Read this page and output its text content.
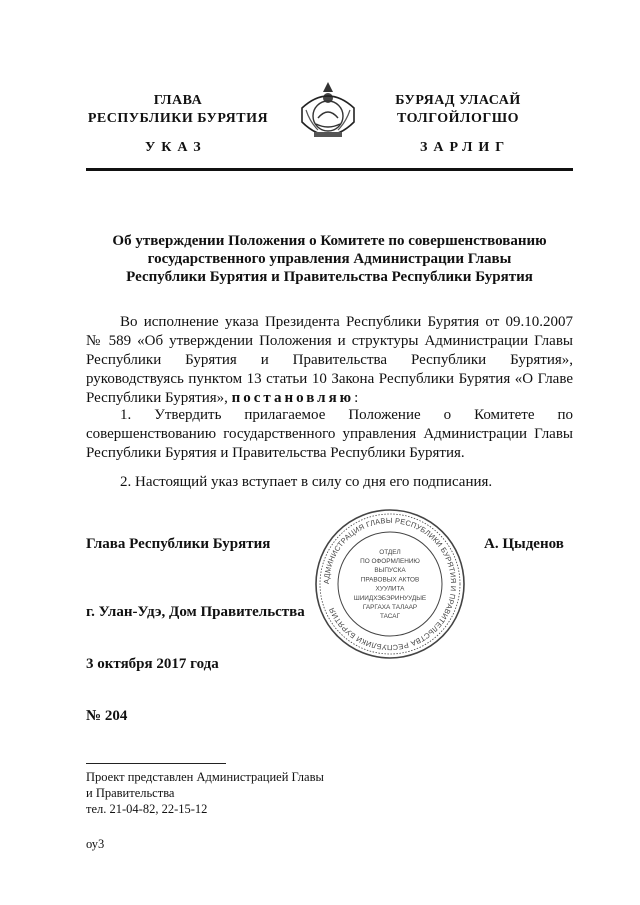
ГЛАВА
РЕСПУБЛИКИ БУРЯТИЯ
БУРЯАД УЛАСАЙ
ТОЛГОЙЛОГШО
УКАЗ	ЗАРЛИГ
Об утверждении Положения о Комитете по совершенствованию
государственного управления Администрации Главы
Республики Бурятия и Правительства Республики Бурятия
Во исполнение указа Президента Республики Бурятия от 09.10.2007 № 589 «Об утверждении Положения и структуры Администрации Главы Республики Бурятия и Правительства Республики Бурятия», руководствуясь пунктом 13 статьи 10 Закона Республики Бурятия «О Главе Республики Бурятия», постановляю:
1. Утвердить прилагаемое Положение о Комитете по совершенствованию государственного управления Администрации Главы Республики Бурятия и Правительства Республики Бурятия.
2. Настоящий указ вступает в силу со дня его подписания.
Глава Республики Бурятия	А. Цыденов
АДМИНИСТРАЦИЯ ГЛАВЫ РЕСПУБЛИКИ БУРЯТИЯ И ПРАВИТЕЛЬСТВА РЕСПУБЛИКИ БУРЯТИЯ
ОТДЕЛ
ПО ОФОРМЛЕНИЮ
ВЫПУСКА
ПРАВОВЫХ АКТОВ
ХУУЛИТА
ШИИДХЭБЭРИНУУДЫЕ
ГАРГАХА ТАЛААР
ТАСАГ
г. Улан-Удэ, Дом Правительства
3 октября 2017 года
№ 204
Проект представлен Администрацией Главы
и Правительства
тел. 21-04-82, 22-15-12
оу3
